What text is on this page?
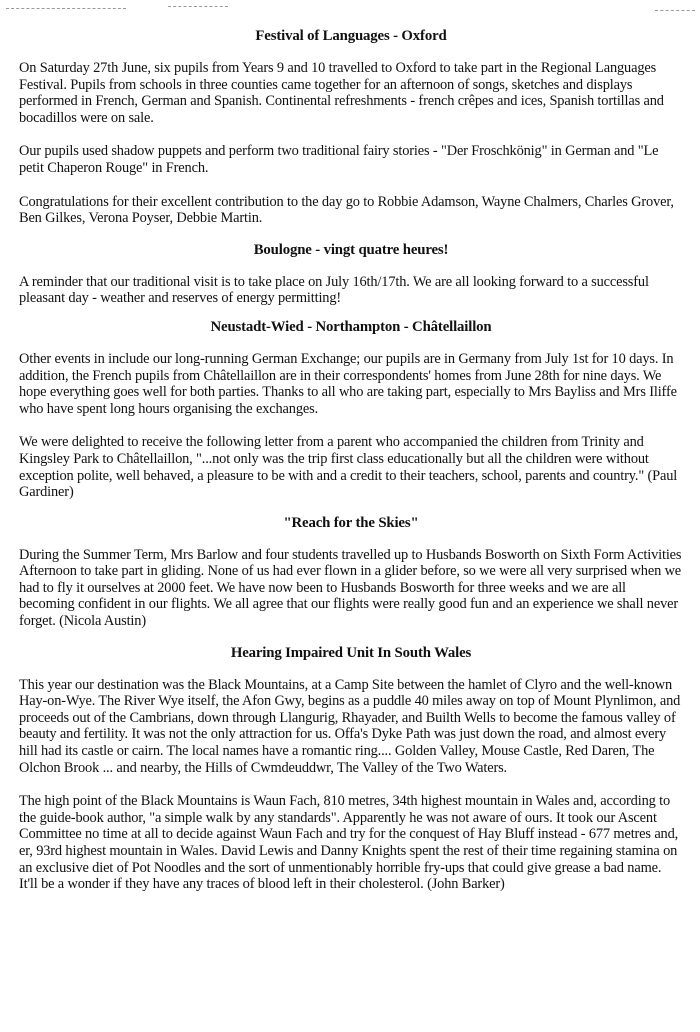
Festival of Languages - Oxford

On Saturday 27th June, six pupils from Years 9 and 10 travelled to Oxford to take part in the Regional Languages Festival. Pupils from schools in three counties came together for an afternoon of songs, sketches and displays performed in French, German and Spanish. Continental refreshments - french crêpes and ices, Spanish tortillas and bocadillos were on sale.

Our pupils used shadow puppets and perform two traditional fairy stories - "Der Froschkönig" in German and "Le petit Chaperon Rouge" in French.

Congratulations for their excellent contribution to the day go to Robbie Adamson, Wayne Chalmers, Charles Grover, Ben Gilkes, Verona Poyser, Debbie Martin.

Boulogne - vingt quatre heures!

A reminder that our traditional visit is to take place on July 16th/17th. We are all looking forward to a successful pleasant day - weather and reserves of energy permitting!

Neustadt-Wied - Northampton - Châtellaillon

Other events in include our long-running German Exchange; our pupils are in Germany from July 1st for 10 days. In addition, the French pupils from Châtellaillon are in their correspondents' homes from June 28th for nine days. We hope everything goes well for both parties. Thanks to all who are taking part, especially to Mrs Bayliss and Mrs Iliffe who have spent long hours organising the exchanges.

We were delighted to receive the following letter from a parent who accompanied the children from Trinity and Kingsley Park to Châtellaillon, "...not only was the trip first class educationally but all the children were without exception polite, well behaved, a pleasure to be with and a credit to their teachers, school, parents and country." (Paul Gardiner)

"Reach for the Skies"

During the Summer Term, Mrs Barlow and four students travelled up to Husbands Bosworth on Sixth Form Activities Afternoon to take part in gliding. None of us had ever flown in a glider before, so we were all very surprised when we had to fly it ourselves at 2000 feet. We have now been to Husbands Bosworth for three weeks and we are all becoming confident in our flights. We all agree that our flights were really good fun and an experience we shall never forget. (Nicola Austin)

Hearing Impaired Unit In South Wales

This year our destination was the Black Mountains, at a Camp Site between the hamlet of Clyro and the well-known Hay-on-Wye. The River Wye itself, the Afon Gwy, begins as a puddle 40 miles away on top of Mount Plynlimon, and proceeds out of the Cambrians, down through Llangurig, Rhayader, and Builth Wells to become the famous valley of beauty and fertility. It was not the only attraction for us. Offa's Dyke Path was just down the road, and almost every hill had its castle or cairn. The local names have a romantic ring.... Golden Valley, Mouse Castle, Red Daren, The Olchon Brook ... and nearby, the Hills of Cwmdeuddwr, The Valley of the Two Waters.

The high point of the Black Mountains is Waun Fach, 810 metres, 34th highest mountain in Wales and, according to the guide-book author, "a simple walk by any standards". Apparently he was not aware of ours. It took our Ascent Committee no time at all to decide against Waun Fach and try for the conquest of Hay Bluff instead - 677 metres and, er, 93rd highest mountain in Wales. David Lewis and Danny Knights spent the rest of their time regaining stamina on an exclusive diet of Pot Noodles and the sort of unmentionably horrible fry-ups that could give grease a bad name. It'll be a wonder if they have any traces of blood left in their cholesterol. (John Barker)
